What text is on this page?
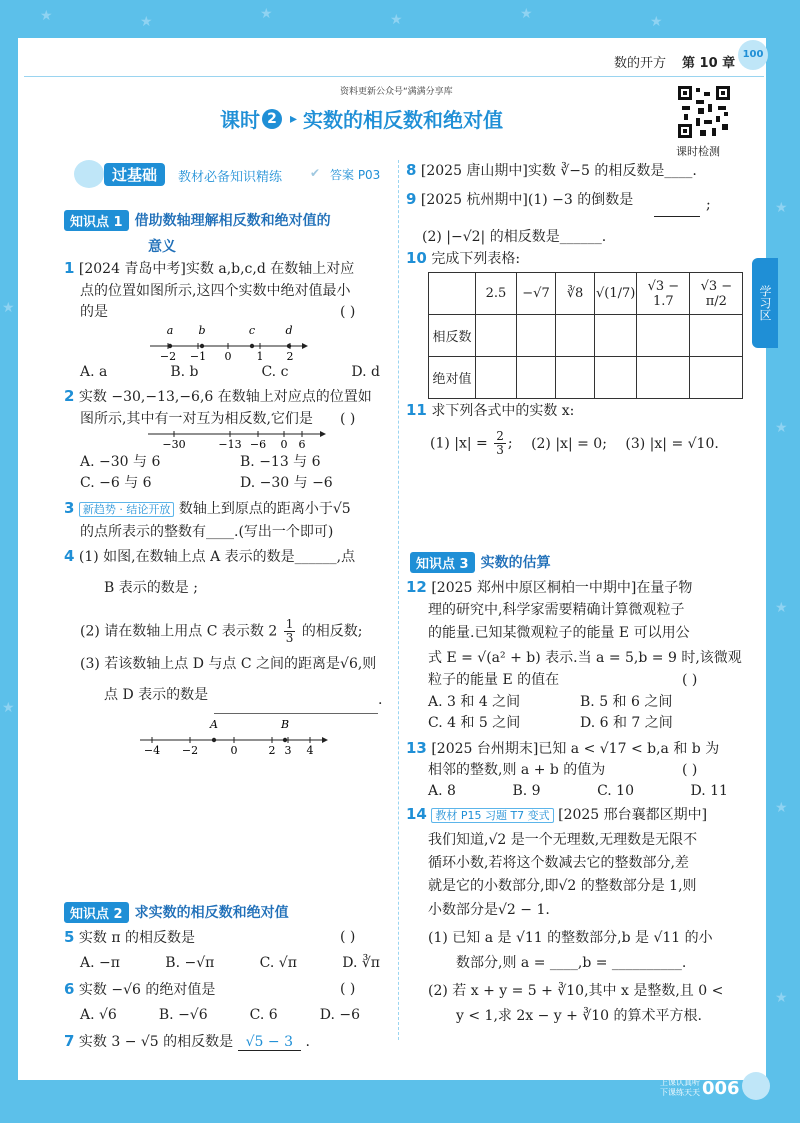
★	★	★	★	★	★
★
★
★
★
★
★
★
数的开方 第 10 章
100
资料更新公众号“满满分享库
课时 2 ▸ 实数的相反数和绝对值
课时检测
学习区
过基础	教材必备知识精练 ✔ 答案 P03
知识点 1 借助数轴理解相反数和绝对值的
意义
1 [2024 青岛中考]实数 a,b,c,d 在数轴上对应
点的位置如图所示,这四个实数中绝对值最小
的是	( )
−2 −1 0 1 2
a b	c	d
A. a	B. b	C. c	D. d
2 实数 −30,−13,−6,6 在数轴上对应点的位置如
图所示,其中有一对互为相反数,它们是 ( )
−30	−13 −6 0 6
A. −30 与 6	B. −13 与 6
C. −6 与 6	D. −30 与 −6
3 新趋势 · 结论开放 数轴上到原点的距离小于√5
的点所表示的整数有____.(写出一个即可)
4 (1) 如图,在数轴上点 A 表示的数是______,点
B 表示的数是 ;
(2) 请在数轴上用点 C 表示数 $2 \frac{1}{3}$ 的相反数;
(3) 若该数轴上点 D 与点 C 之间的距离是√6,则
点 D 表示的数是	.
−4 −2	0	2 3 4
A	B
知识点 2 求实数的相反数和绝对值
5 实数 π 的相反数是	( )
A. −π	B. −√π	C. √π	D. ∛π
6 实数 −√6 的绝对值是	( )
A. √6	B. −√6	C. 6	D. −6
7 实数 3 − √5 的相反数是 √5 − 3 .
8 [2025 唐山期中]实数 ∛−5 的相反数是____.
9 [2025 杭州期中](1) −3 的倒数是	;
(2) |−√2| 的相反数是______.
10 完成下列表格:
	2.5	−√7	∛8	√(1/7)	√3 − 1.7	√3 − π/2
相反数						
绝对值						
11 求下列各式中的实数 x:
(1) $|x| = \frac{2}{3}$ ; (2) |x| = 0; (3) |x| = √10.
知识点 3 实数的估算
12 [2025 郑州中原区桐柏一中期中]在量子物
理的研究中,科学家需要精确计算微观粒子
的能量.已知某微观粒子的能量 E 可以用公
式 E = √(a² + b) 表示.当 a = 5,b = 9 时,该微观
粒子的能量 E 的值在	( )
A. 3 和 4 之间	B. 5 和 6 之间
C. 4 和 5 之间	D. 6 和 7 之间
13 [2025 台州期末]已知 a < √17 < b,a 和 b 为
相邻的整数,则 a + b 的值为	( )
A. 8	B. 9	C. 10	D. 11
14 教材 P15 习题 T7 变式 [2025 邢台襄都区期中]
我们知道,√2 是一个无理数,无理数是无限不
循环小数,若将这个数减去它的整数部分,差
就是它的小数部分,即√2 的整数部分是 1,则
小数部分是√2 − 1.
(1) 已知 a 是 √11 的整数部分,b 是 √11 的小
数部分,则 a = ____,b = __________.
(2) 若 x + y = 5 + ∛10,其中 x 是整数,且 0 <
y < 1,求 2x − y + ∛10 的算术平方根.
上课认真听
下课练天天 006
